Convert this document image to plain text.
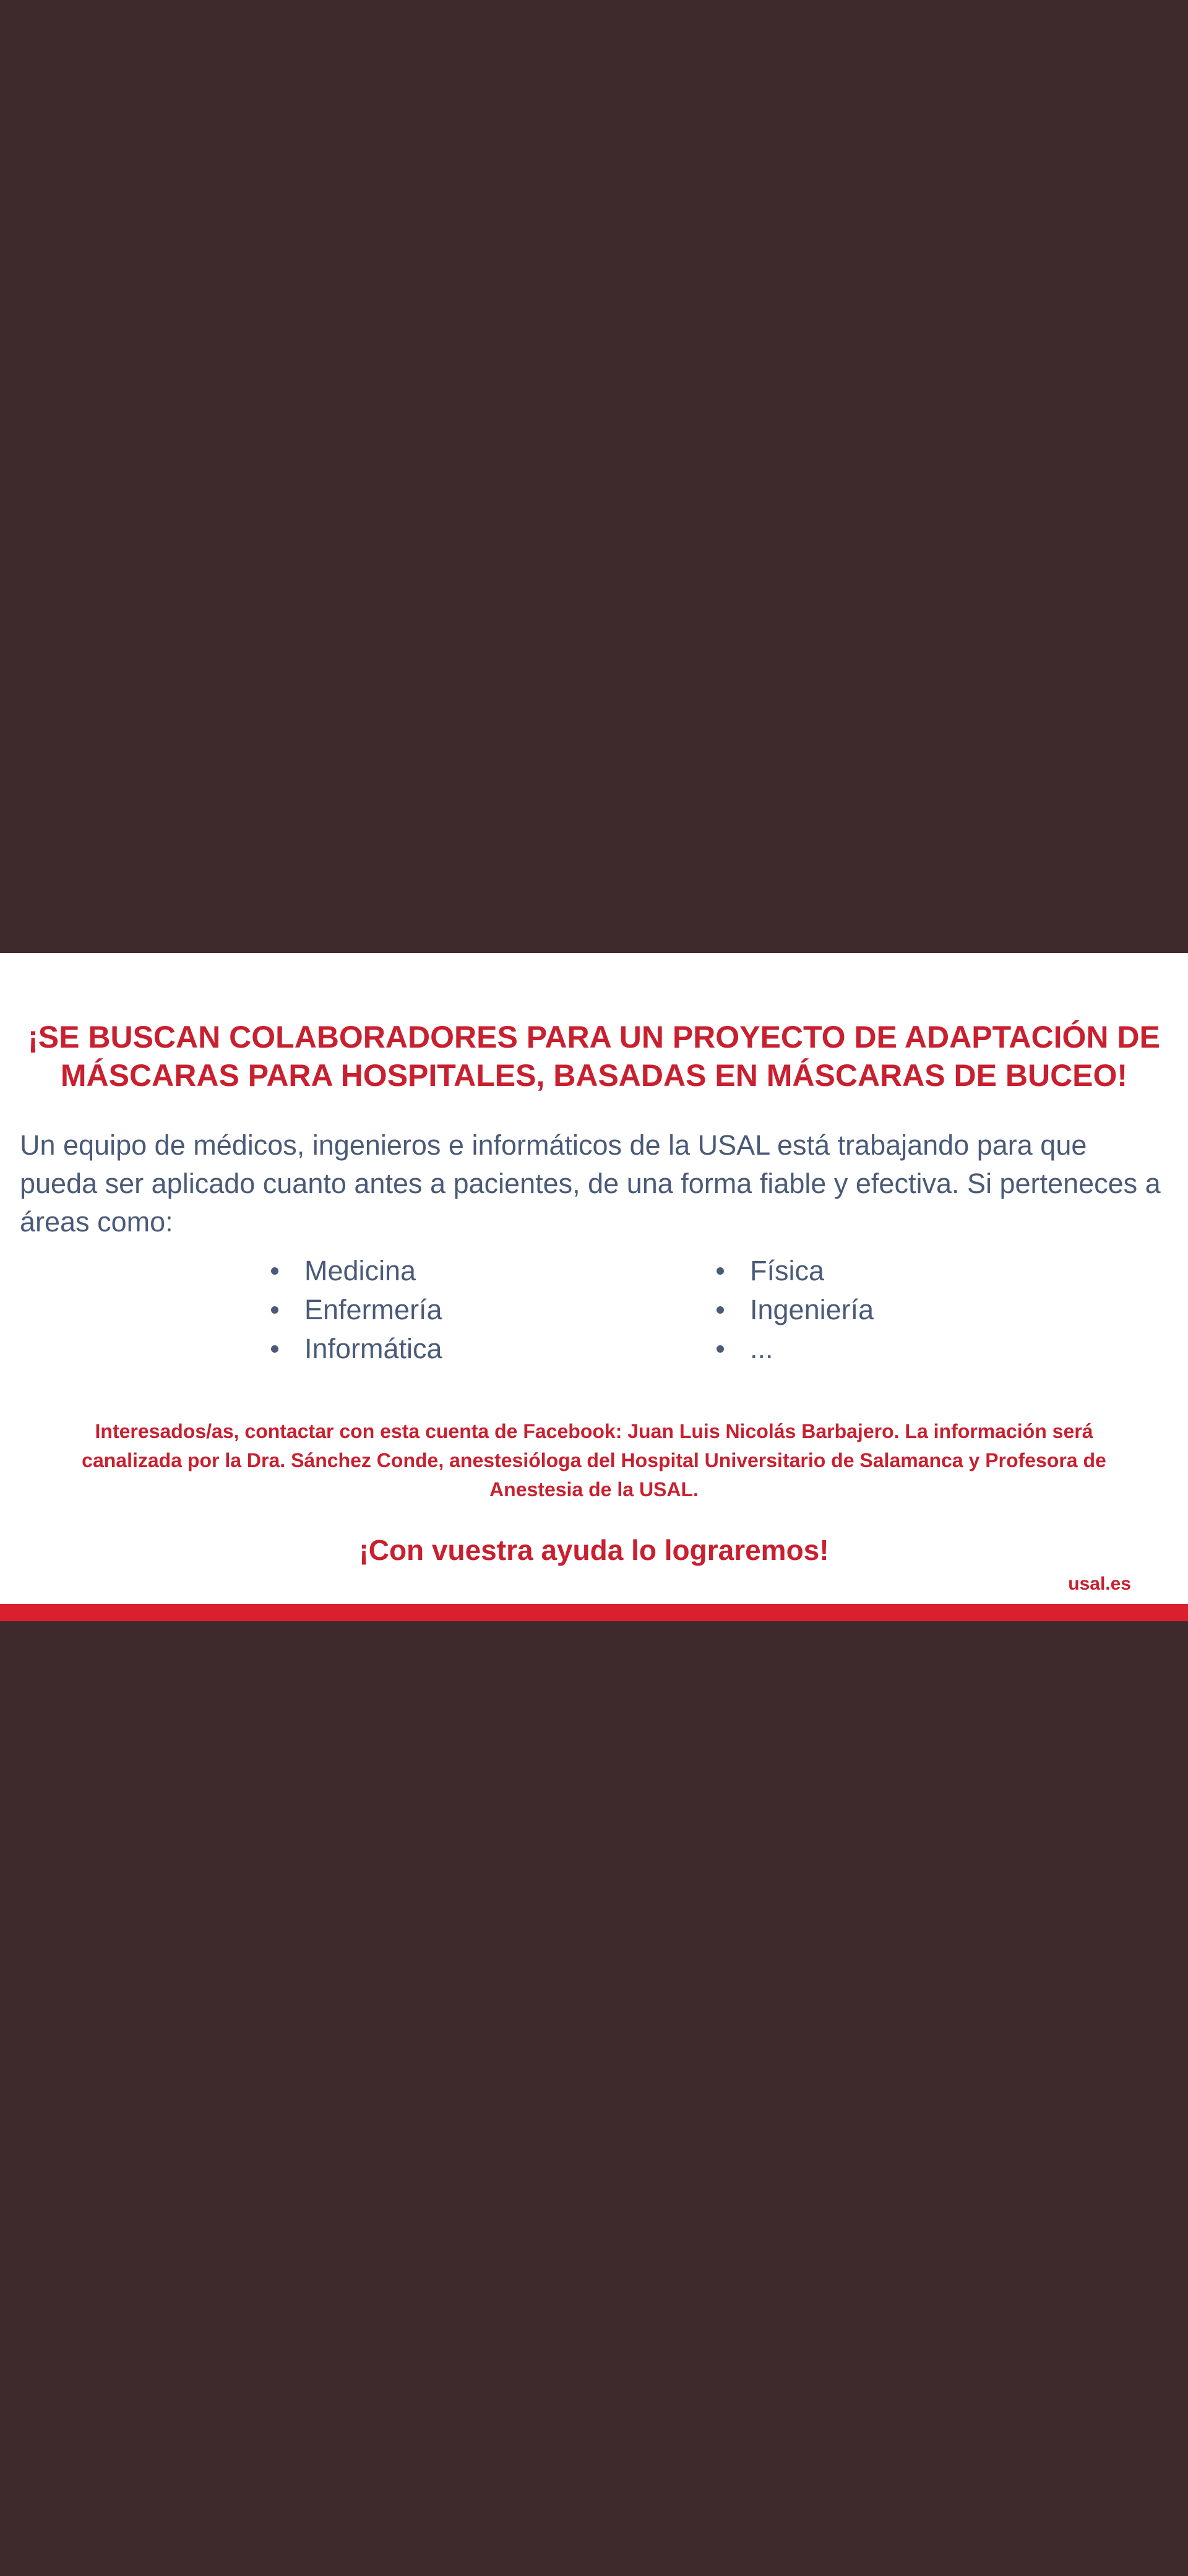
¡SE BUSCAN COLABORADORES PARA UN PROYECTO DE ADAPTACIÓN DE MÁSCARAS PARA HOSPITALES, BASADAS EN MÁSCARAS DE BUCEO!

Un equipo de médicos, ingenieros e informáticos de la USAL está trabajando para que pueda ser aplicado cuanto antes a pacientes, de una forma fiable y efectiva. Si perteneces a áreas como:

Medicina
Enfermería
Informática
Física
Ingeniería
...

Interesados/as, contactar con esta cuenta de Facebook: Juan Luis Nicolás Barbajero. La información será canalizada por la Dra. Sánchez Conde, anestesióloga del Hospital Universitario de Salamanca y Profesora de Anestesia de la USAL.

¡Con vuestra ayuda lo lograremos!

usal.es
